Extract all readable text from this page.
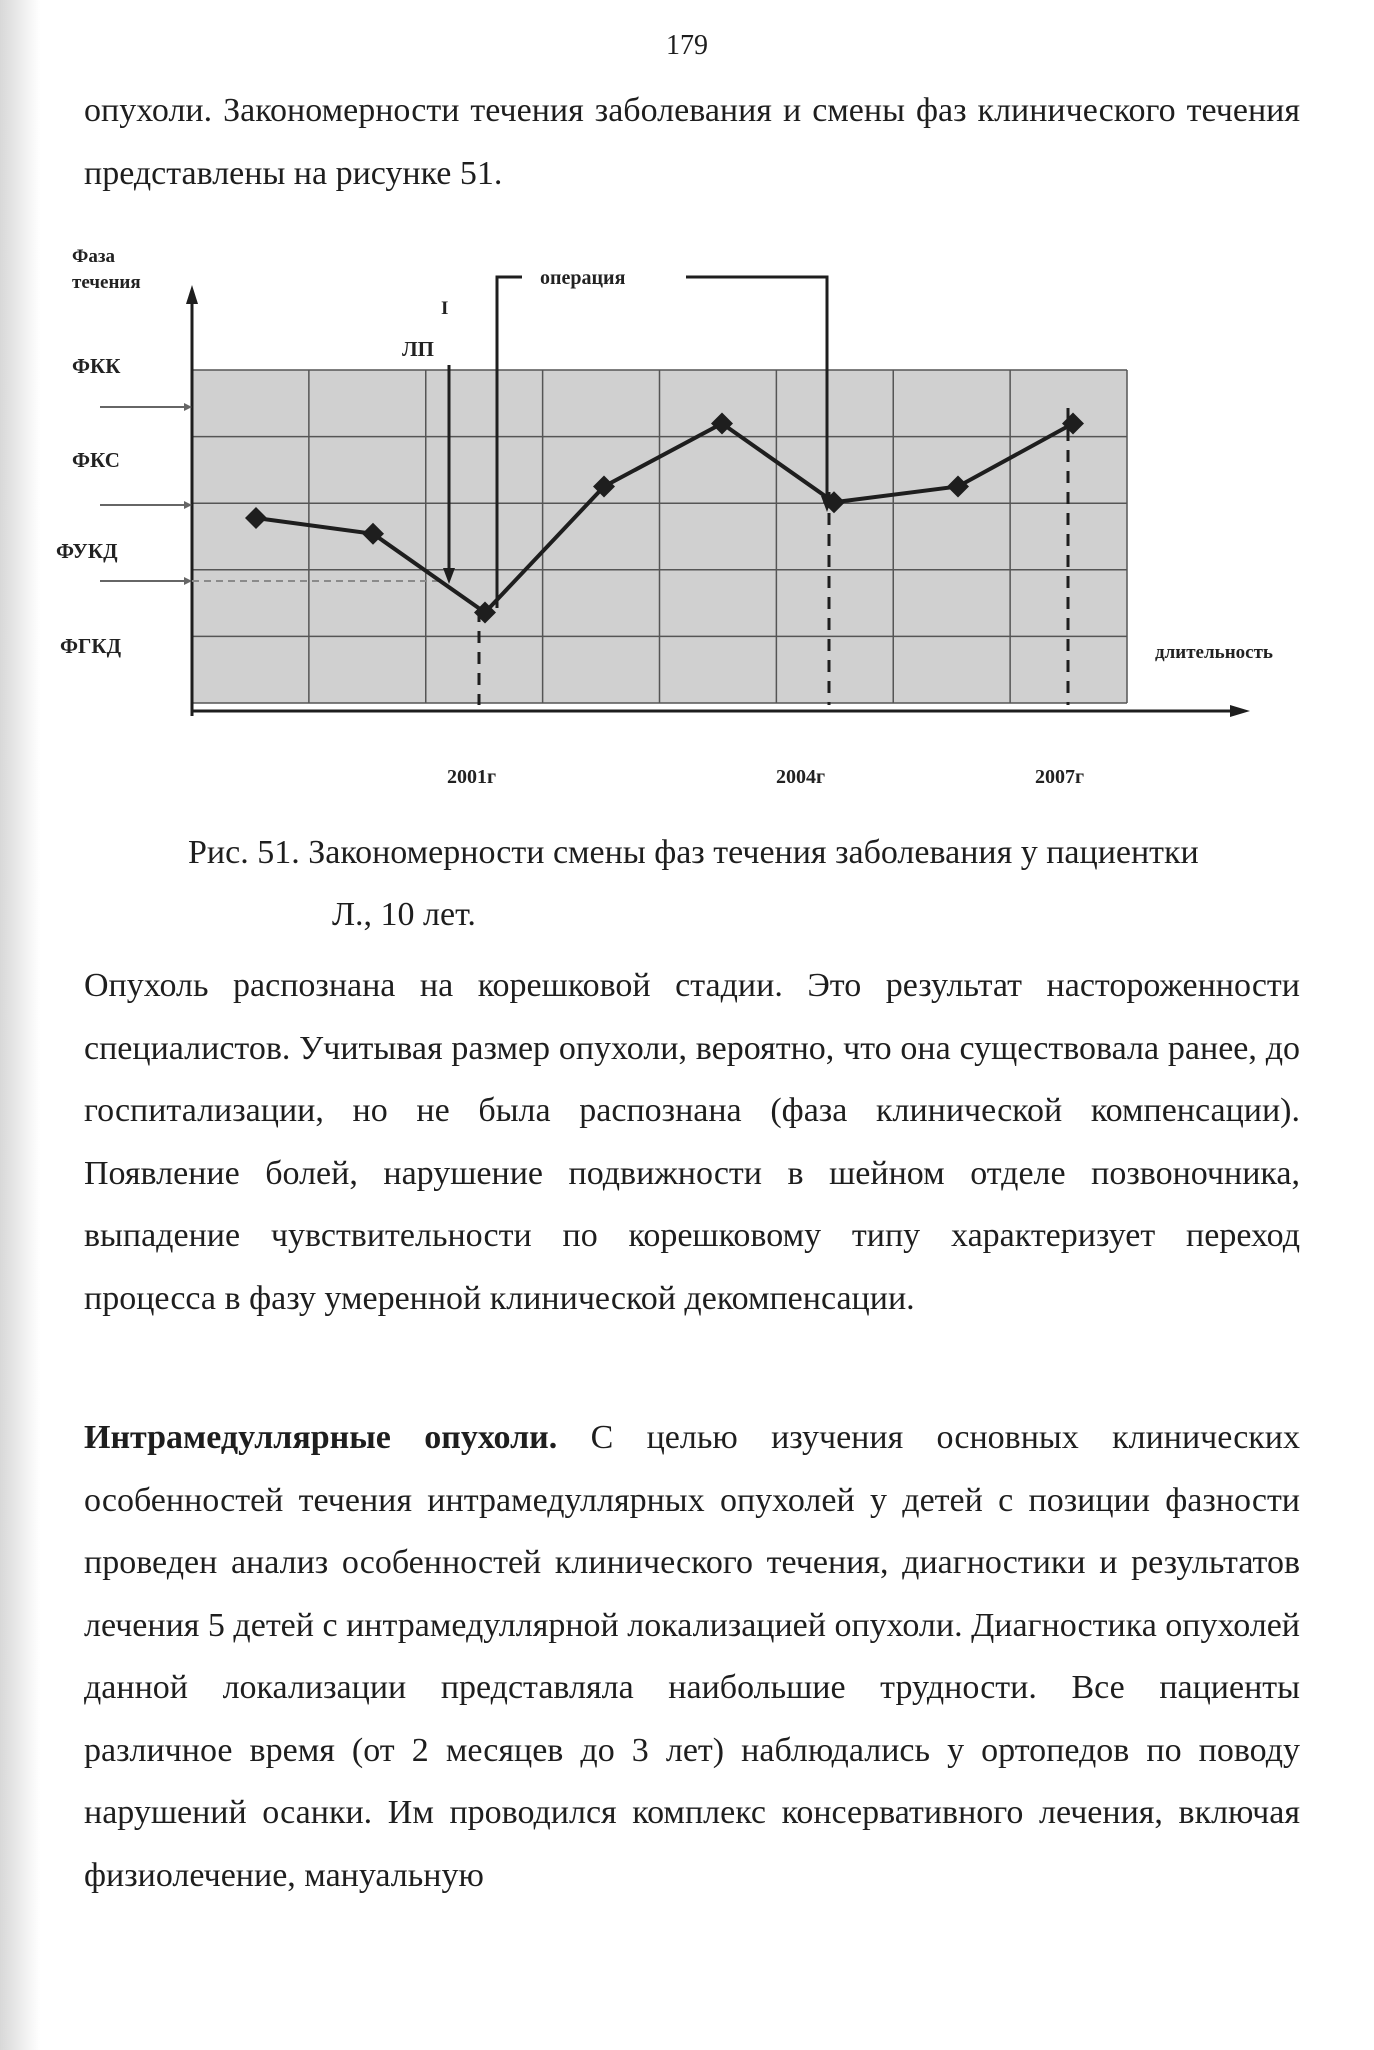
179

опухоли. Закономерности течения заболевания и смены фаз клинического течения представлены на рисунке 51.

Фаза
течения
длительность
ФКК
ФКС
ФУКД
ФГКД
I
ЛП
операция
2001г	2004г	2007г
Рис. 51. Закономерности смены фаз течения заболевания у пациентки
Л., 10 лет.

Опухоль распознана на корешковой стадии. Это результат настороженности специалистов. Учитывая размер опухоли, вероятно, что она существовала ранее, до госпитализации, но не была распознана (фаза клинической компенсации). Появление болей, нарушение подвижности в шейном отделе позвоночника, выпадение чувствительности по корешковому типу характеризует переход процесса в фазу умеренной клинической декомпенсации.

Интрамедуллярные опухоли. С целью изучения основных клинических особенностей течения интрамедуллярных опухолей у детей с позиции фазности проведен анализ особенностей клинического течения, диагностики и результатов лечения 5 детей с интрамедуллярной локализацией опухоли. Диагностика опухолей данной локализации представляла наибольшие трудности. Все пациенты различное время (от 2 месяцев до 3 лет) наблюдались у ортопедов по поводу нарушений осанки. Им проводился комплекс консервативного лечения, включая физиолечение, мануальную
